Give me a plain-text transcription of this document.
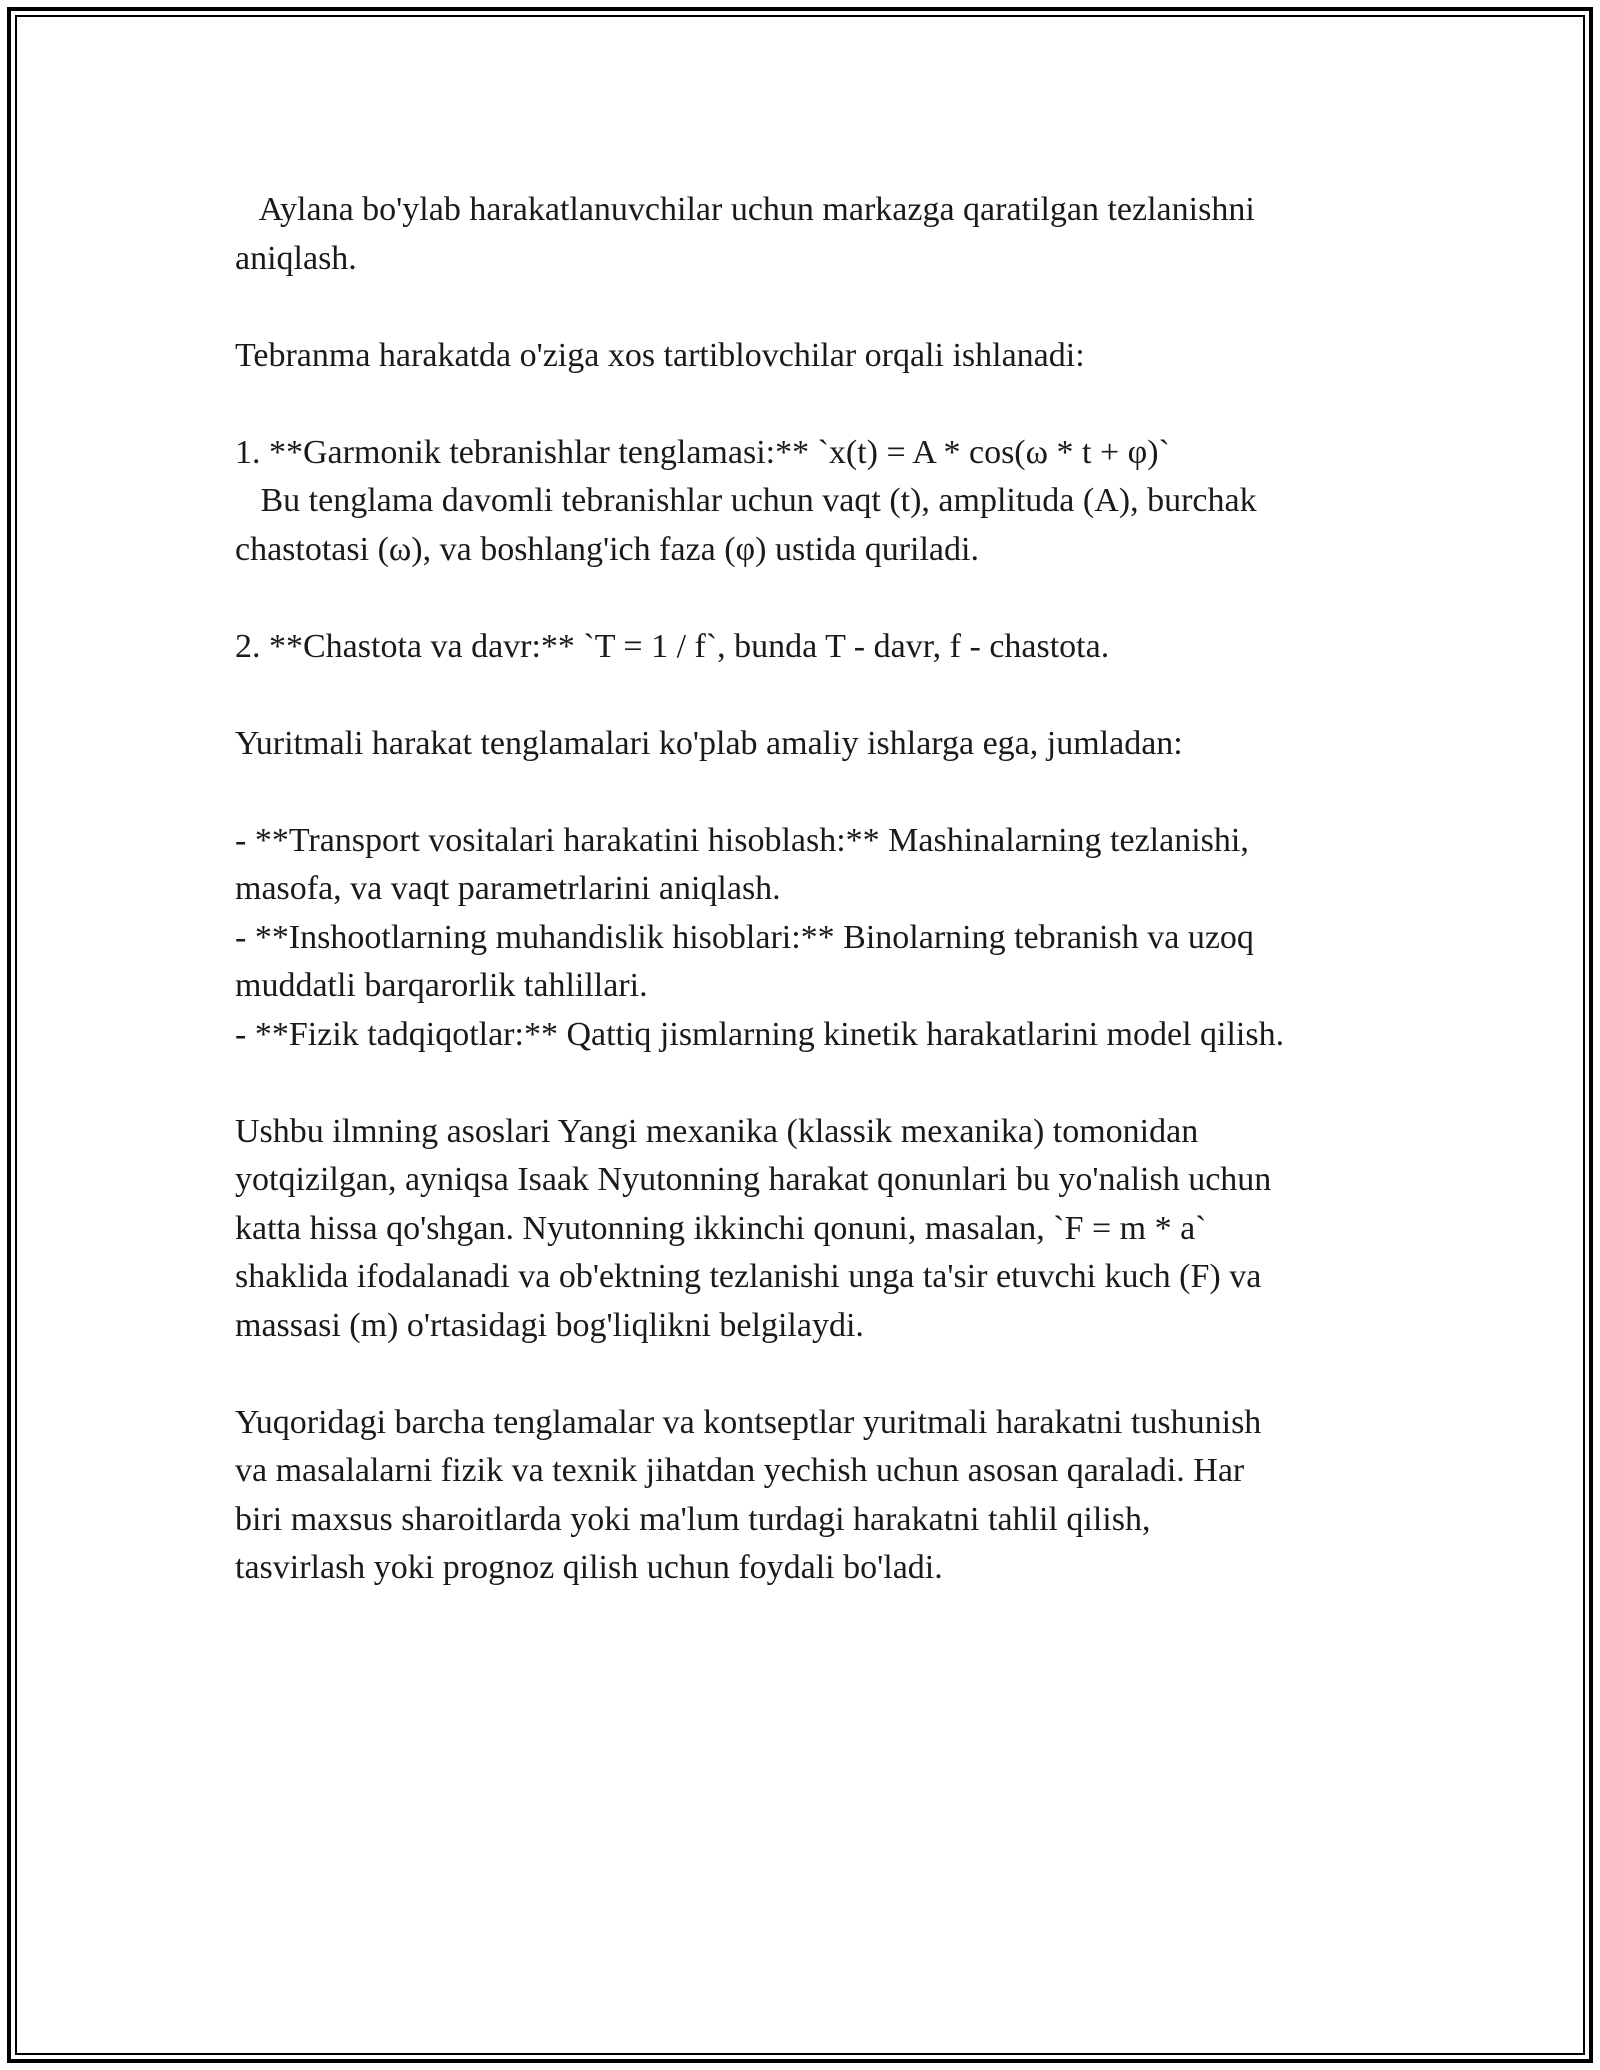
Aylana bo'ylab harakatlanuvchilar uchun markazga qaratilgan tezlanishni
aniqlash.
Tebranma harakatda o'ziga xos tartiblovchilar orqali ishlanadi:
1. **Garmonik tebranishlar tenglamasi:** `x(t) = A * cos(ω * t + φ)`
Bu tenglama davomli tebranishlar uchun vaqt (t), amplituda (A), burchak
chastotasi (ω), va boshlang'ich faza (φ) ustida quriladi.
2. **Chastota va davr:** `T = 1 / f`, bunda T - davr, f - chastota.
Yuritmali harakat tenglamalari ko'plab amaliy ishlarga ega, jumladan:
- **Transport vositalari harakatini hisoblash:** Mashinalarning tezlanishi,
masofa, va vaqt parametrlarini aniqlash.
- **Inshootlarning muhandislik hisoblari:** Binolarning tebranish va uzoq
muddatli barqarorlik tahlillari.
- **Fizik tadqiqotlar:** Qattiq jismlarning kinetik harakatlarini model qilish.
Ushbu ilmning asoslari Yangi mexanika (klassik mexanika) tomonidan
yotqizilgan, ayniqsa Isaak Nyutonning harakat qonunlari bu yo'nalish uchun
katta hissa qo'shgan. Nyutonning ikkinchi qonuni, masalan, `F = m * a`
shaklida ifodalanadi va ob'ektning tezlanishi unga ta'sir etuvchi kuch (F) va
massasi (m) o'rtasidagi bog'liqlikni belgilaydi.
Yuqoridagi barcha tenglamalar va kontseptlar yuritmali harakatni tushunish
va masalalarni fizik va texnik jihatdan yechish uchun asosan qaraladi. Har
biri maxsus sharoitlarda yoki ma'lum turdagi harakatni tahlil qilish,
tasvirlash yoki prognoz qilish uchun foydali bo'ladi.
